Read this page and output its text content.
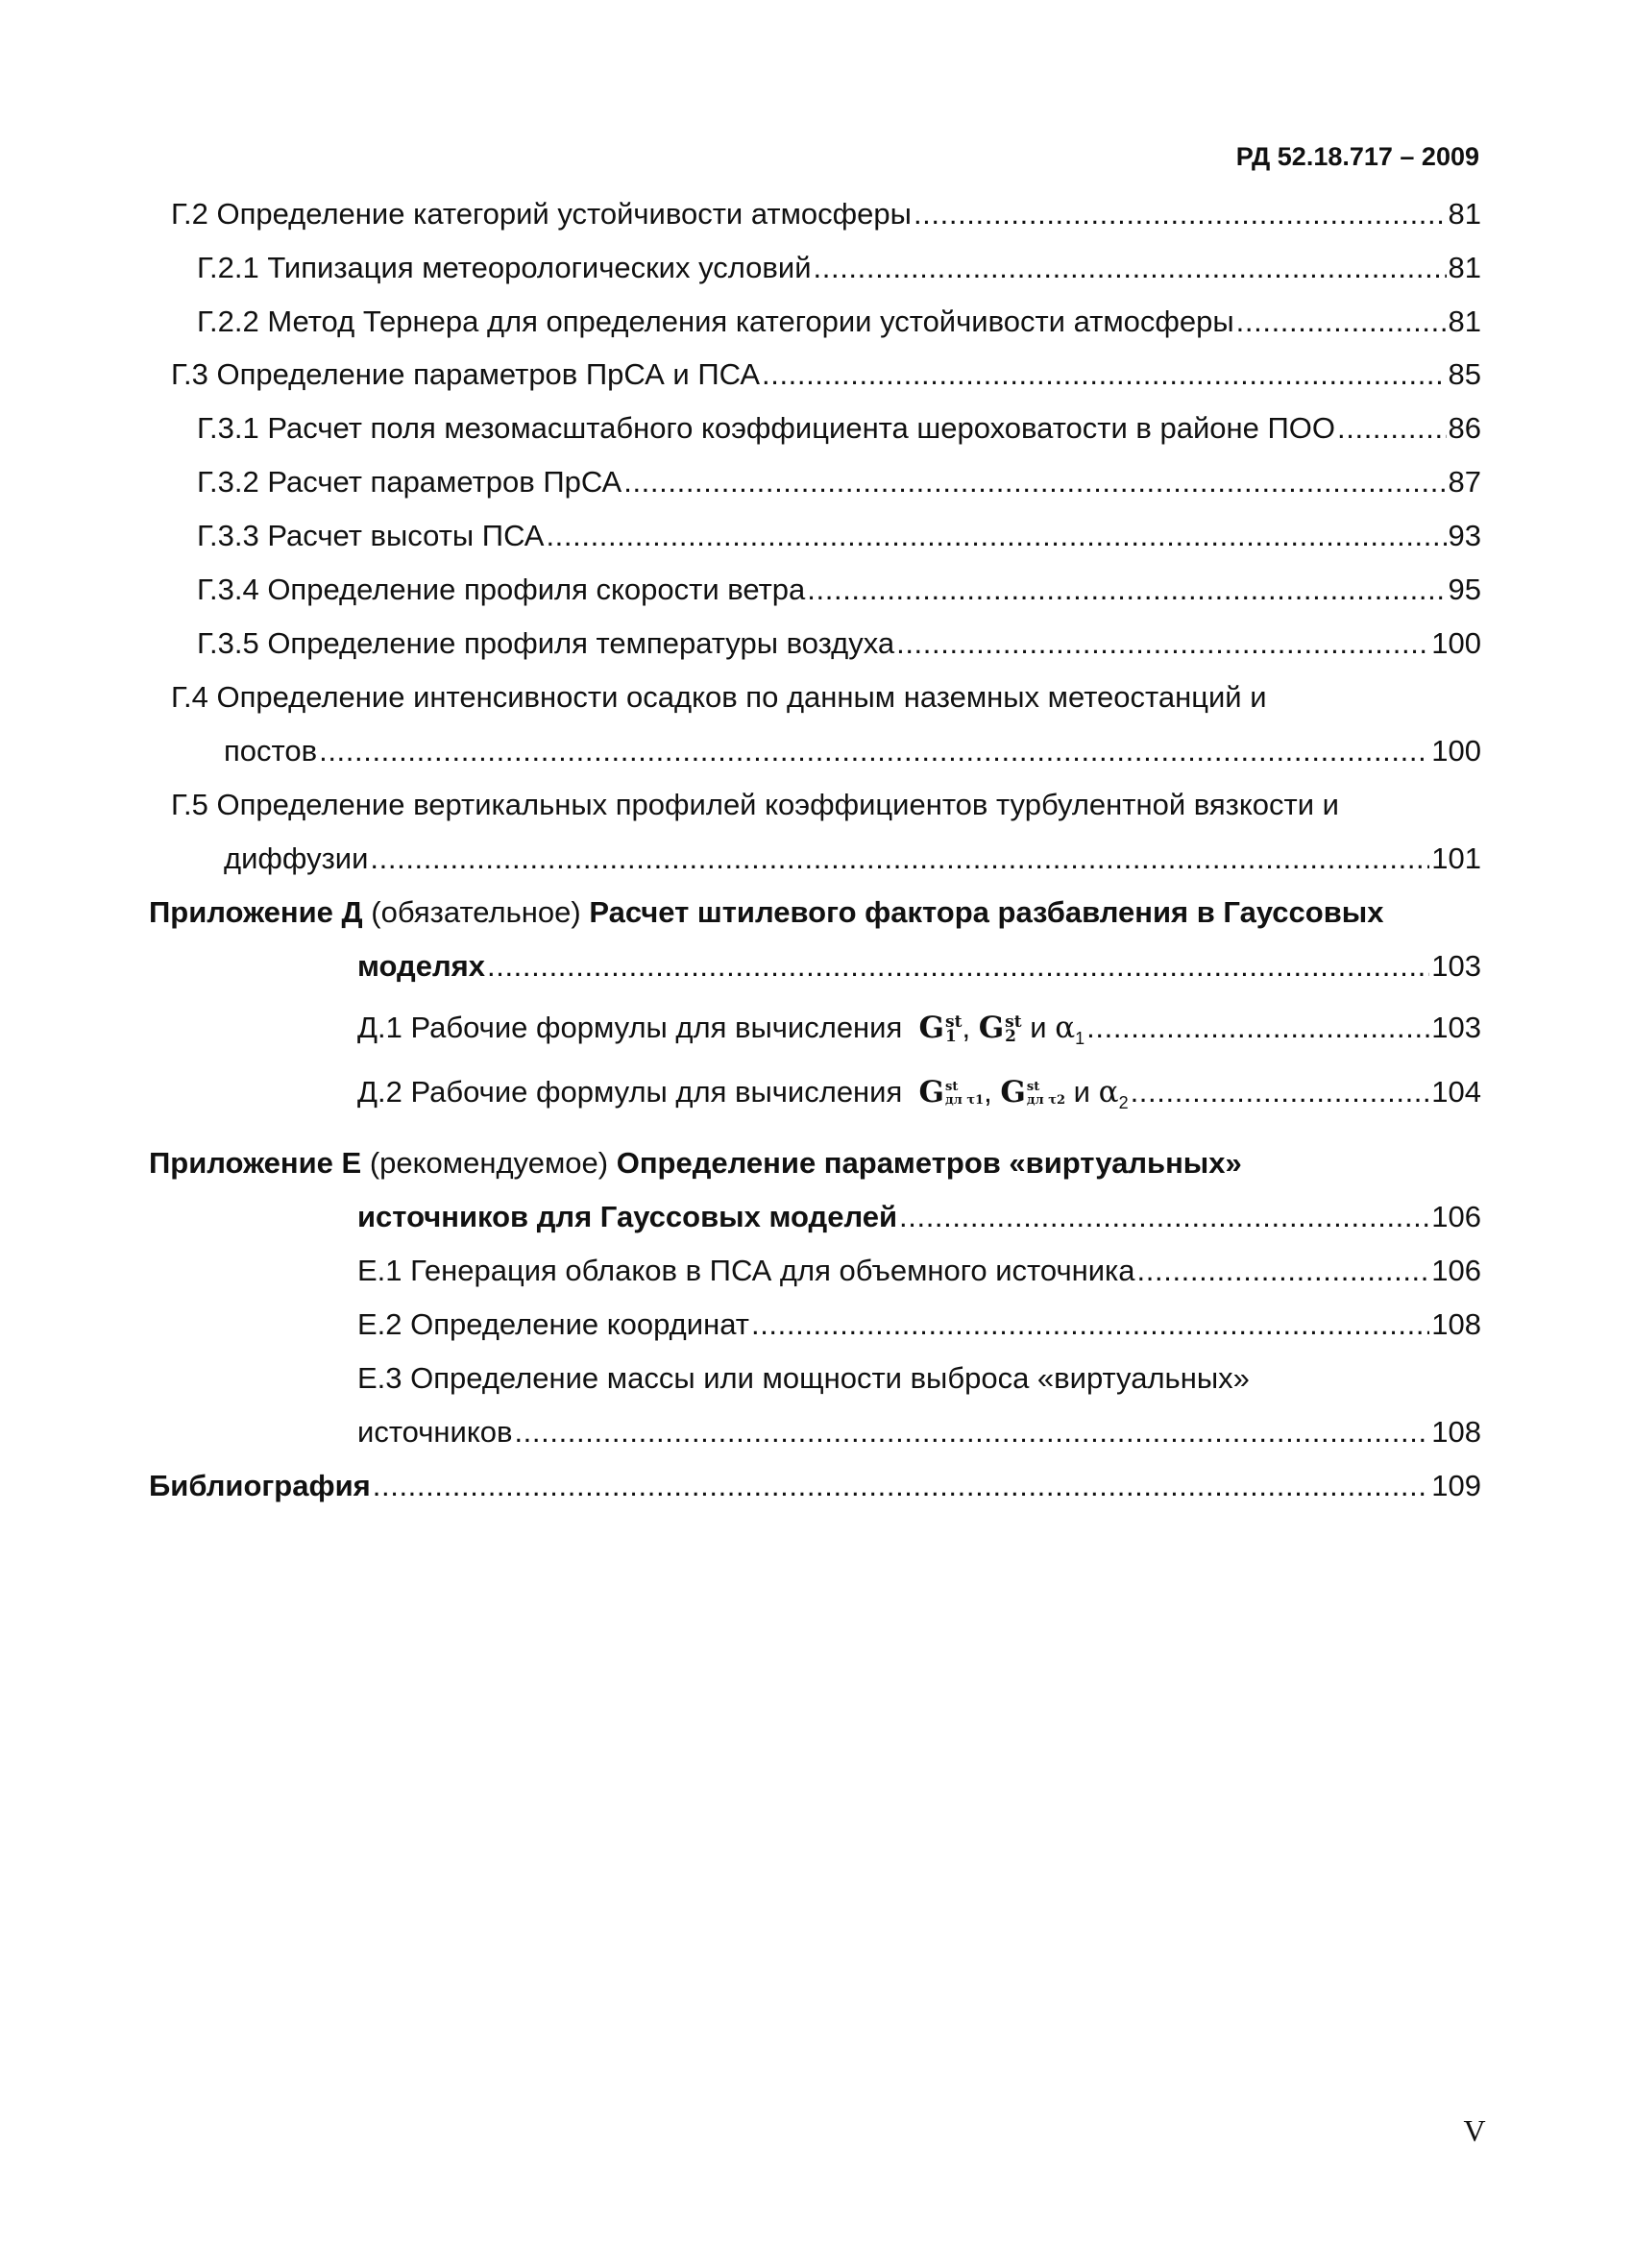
РД 52.18.717 – 2009
Г.2 Определение категорий устойчивости атмосферы . . .	81
Г.2.1 Типизация метеорологических условий . . .	81
Г.2.2 Метод Тернера для определения категории устойчивости атмосферы . . .	81
Г.3 Определение параметров ПрСА и ПСА . . .	85
Г.3.1 Расчет поля мезомасштабного коэффициента шероховатости в районе ПОО . . .	86
Г.3.2 Расчет параметров ПрСА . . .	87
Г.3.3 Расчет высоты ПСА . . .	93
Г.3.4 Определение профиля скорости ветра . . .	95
Г.3.5 Определение профиля температуры воздуха . . .	100
Г.4 Определение интенсивности осадков по данным наземных метеостанций и
постов . . .	100
Г.5 Определение вертикальных профилей коэффициентов турбулентной вязкости и
диффузии . . .	101
Приложение Д (обязательное) Расчет штилевого фактора разбавления в Гауссовых
моделях . . .	103
Д.1 Рабочие формулы для вычисления Gst
1 , Gst
2 и $\alpha_1$ . . .	103
Д.2 Рабочие формулы для вычисления Gst
дл τ1, Gst
дл τ2 и $\alpha_2$ . . .	104
Приложение Е (рекомендуемое) Определение параметров «виртуальных»
источников для Гауссовых моделей . . .	106
Е.1 Генерация облаков в ПСА для объемного источника . . .	106
Е.2 Определение координат . . .	108
Е.3 Определение массы или мощности выброса «виртуальных»
источников . . .	108
Библиография . . .	109
V
